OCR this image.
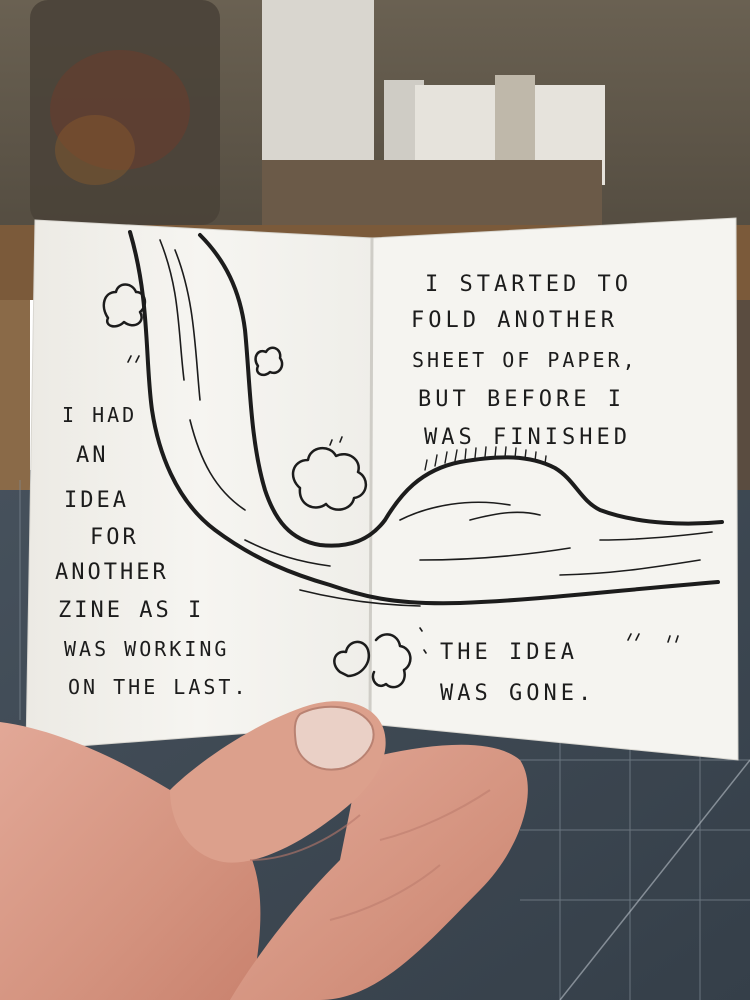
I HAD
AN
IDEA
FOR
ANOTHER
ZINE AS I
WAS WORKING
ON THE LAST.
I STARTED TO
FOLD ANOTHER
SHEET OF PAPER,
BUT BEFORE I
WAS FINISHED
THE IDEA
WAS GONE.
